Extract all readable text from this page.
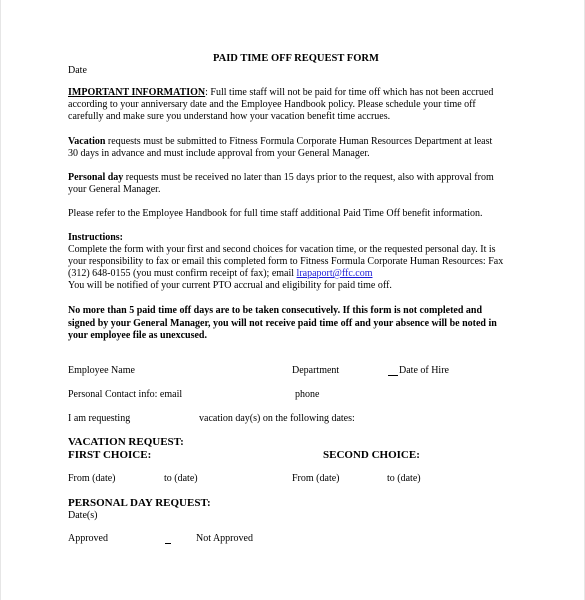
PAID TIME OFF REQUEST FORM
Date
IMPORTANT INFORMATION: Full time staff will not be paid for time off which has not been accrued
according to your anniversary date and the Employee Handbook policy. Please schedule your time off
carefully and make sure you understand how your vacation benefit time accrues.
Vacation requests must be submitted to Fitness Formula Corporate Human Resources Department at least
30 days in advance and must include approval from your General Manager.
Personal day requests must be received no later than 15 days prior to the request, also with approval from
your General Manager.
Please refer to the Employee Handbook for full time staff additional Paid Time Off benefit information.
Instructions:
Complete the form with your first and second choices for vacation time, or the requested personal day. It is
your responsibility to fax or email this completed form to Fitness Formula Corporate Human Resources: Fax
(312) 648-0155 (you must confirm receipt of fax); email lrapaport@ffc.com
You will be notified of your current PTO accrual and eligibility for paid time off.
No more than 5 paid time off days are to be taken consecutively. If this form is not completed and
signed by your General Manager, you will not receive paid time off and your absence will be noted in
your employee file as unexcused.
Employee Name	Department	Date of Hire
Personal Contact info: email	phone
I am requesting	vacation day(s) on the following dates:
VACATION REQUEST:
FIRST CHOICE:	SECOND CHOICE:
From (date)	to (date)	From (date)	to (date)
PERSONAL DAY REQUEST:
Date(s)
Approved	Not Approved
